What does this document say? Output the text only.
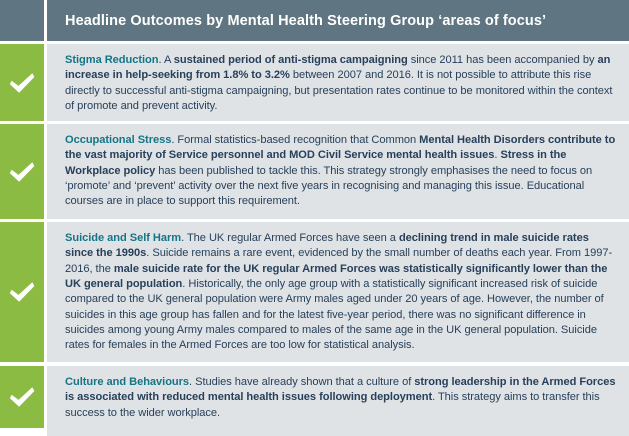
Headline Outcomes by Mental Health Steering Group ‘areas of focus’
Stigma Reduction. A sustained period of anti-stigma campaigning since 2011 has been accompanied by an increase in help-seeking from 1.8% to 3.2% between 2007 and 2016. It is not possible to attribute this rise directly to successful anti-stigma campaigning, but presentation rates continue to be monitored within the context of promote and prevent activity.
Occupational Stress. Formal statistics-based recognition that Common Mental Health Disorders contribute to the vast majority of Service personnel and MOD Civil Service mental health issues. Stress in the Workplace policy has been published to tackle this. This strategy strongly emphasises the need to focus on ‘promote’ and ‘prevent’ activity over the next five years in recognising and managing this issue. Educational courses are in place to support this requirement.
Suicide and Self Harm. The UK regular Armed Forces have seen a declining trend in male suicide rates since the 1990s. Suicide remains a rare event, evidenced by the small number of deaths each year. From 1997-2016, the male suicide rate for the UK regular Armed Forces was statistically significantly lower than the UK general population. Historically, the only age group with a statistically significant increased risk of suicide compared to the UK general population were Army males aged under 20 years of age. However, the number of suicides in this age group has fallen and for the latest five-year period, there was no significant difference in suicides among young Army males compared to males of the same age in the UK general population. Suicide rates for females in the Armed Forces are too low for statistical analysis.
Culture and Behaviours. Studies have already shown that a culture of strong leadership in the Armed Forces is associated with reduced mental health issues following deployment. This strategy aims to transfer this success to the wider workplace.
